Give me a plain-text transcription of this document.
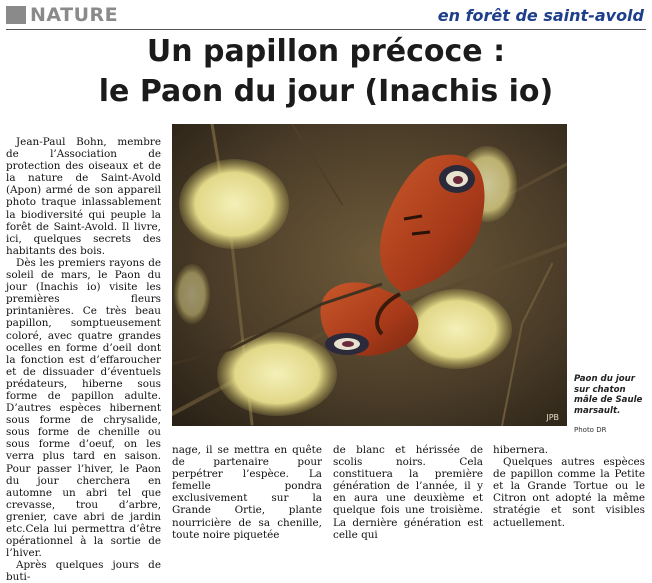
NATURE	en forêt de saint-avold
Un papillon précoce :
le Paon du jour (Inachis io)

Jean-Paul Bohn, membre de l’Association de protection des oiseaux et de la nature de Saint-Avold (Apon) armé de son appareil photo traque inlassablement la biodiversité qui peuple la forêt de Saint-Avold. Il livre, ici, quelques secrets des habitants des bois.

Dès les premiers rayons de soleil de mars, le Paon du jour (Inachis io) visite les premières fleurs printanières. Ce très beau papillon, somptueusement coloré, avec quatre grandes ocelles en forme d’oeil dont la fonction est d’effaroucher et de dissuader d’éventuels prédateurs, hiberne sous forme de papillon adulte. D’autres espèces hibernent sous forme de chrysalide, sous forme de chenille ou sous forme d’oeuf, on les verra plus tard en saison. Pour passer l’hiver, le Paon du jour cherchera en automne un abri tel que crevasse, trou d’arbre, grenier, cave abri de jardin etc.Cela lui permettra d’être opérationnel à la sortie de l’hiver.

Après quelques jours de buti-

JPB
Paon du jour sur chaton mâle de Saule marsault.
Photo DR

nage, il se mettra en quête de partenaire pour perpétrer l’espèce. La femelle pondra exclusivement sur la Grande Ortie, plante nourricière de sa chenille, toute noire piquetée

de blanc et hérissée de scolis noirs. Cela constituera la première génération de l’année, il y en aura une deuxième et quelque fois une troisième. La dernière génération est celle qui

hibernera.

Quelques autres espèces de papillon comme la Petite et la Grande Tortue ou le Citron ont adopté la même stratégie et sont visibles actuellement.
